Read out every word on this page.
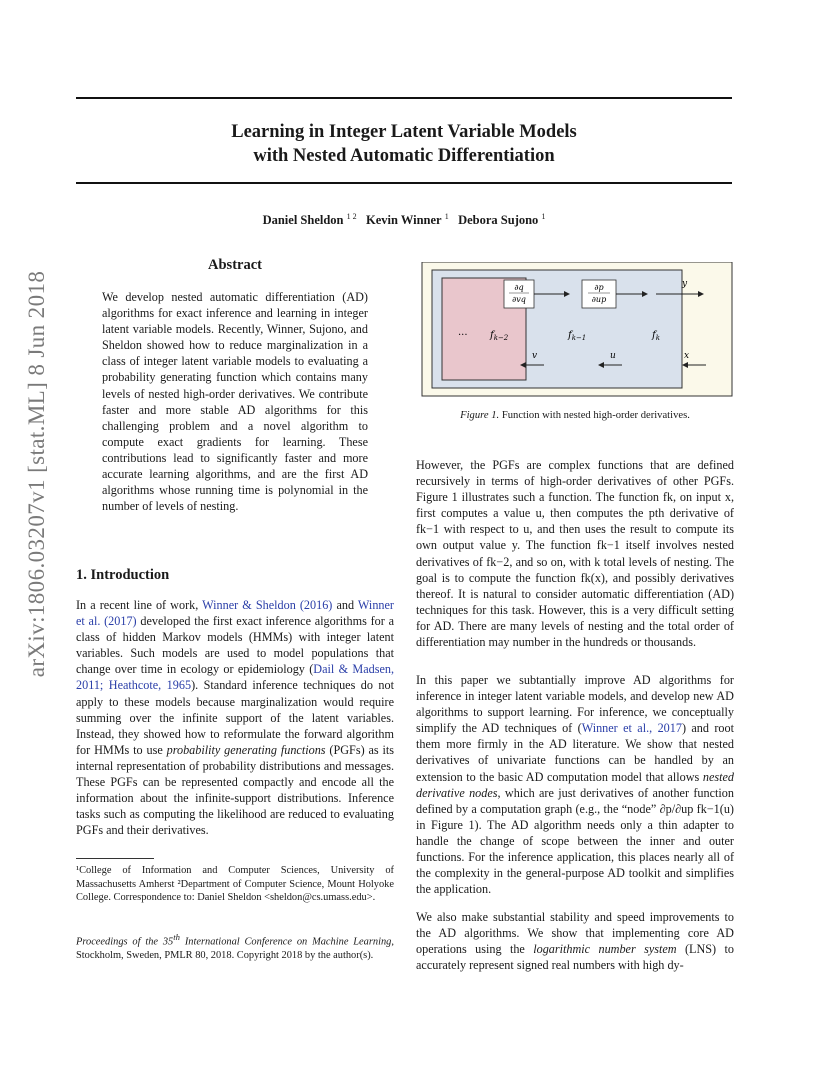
arXiv:1806.03207v1 [stat.ML] 8 Jun 2018
Learning in Integer Latent Variable Models
with Nested Automatic Differentiation
Daniel Sheldon $^{1 2}$ Kevin Winner $^1$ Debora Sujono $^1$
Abstract
We develop nested automatic differentiation (AD) algorithms for exact inference and learning in integer latent variable models. Recently, Winner, Sujono, and Sheldon showed how to reduce marginalization in a class of integer latent variable models to evaluating a probability generating function which contains many levels of nested high-order derivatives. We contribute faster and more stable AD algorithms for this challenging problem and a novel algorithm to compute exact gradients for learning. These contributions lead to significantly faster and more accurate learning algorithms, and are the first AD algorithms whose running time is polynomial in the number of levels of nesting.
1. Introduction

In a recent line of work, Winner & Sheldon (2016) and Winner et al. (2017) developed the first exact inference algorithms for a class of hidden Markov models (HMMs) with integer latent variables. Such models are used to model populations that change over time in ecology or epidemiology (Dail & Madsen, 2011; Heathcote, 1965). Standard inference techniques do not apply to these models because marginalization would require summing over the infinite support of the latent variables. Instead, they showed how to reformulate the forward algorithm for HMMs to use probability generating functions (PGFs) as its internal representation of probability distributions and messages. These PGFs can be represented compactly and encode all the information about the infinite-support distributions. Inference tasks such as computing the likelihood are reduced to evaluating PGFs and their derivatives.

¹College of Information and Computer Sciences, University of Massachusetts Amherst ²Department of Computer Science, Mount Holyoke College. Correspondence to: Daniel Sheldon <sheldon@cs.umass.edu>.
Proceedings of the 35th International Conference on Machine Learning, Stockholm, Sweden, PMLR 80, 2018. Copyright 2018 by the author(s).
∂q
∂vq
∂p
∂up
... $f_{k-2}$	$f_{k-1}$	$f_k$
v	u	x
y
Figure 1. Function with nested high-order derivatives.

However, the PGFs are complex functions that are defined recursively in terms of high-order derivatives of other PGFs. Figure 1 illustrates such a function. The function fk, on input x, first computes a value u, then computes the pth derivative of fk−1 with respect to u, and then uses the result to compute its own output value y. The function fk−1 itself involves nested derivatives of fk−2, and so on, with k total levels of nesting. The goal is to compute the function fk(x), and possibly derivatives thereof. It is natural to consider automatic differentiation (AD) techniques for this task. However, this is a very difficult setting for AD. There are many levels of nesting and the total order of differentiation may number in the hundreds or thousands.

In this paper we subtantially improve AD algorithms for inference in integer latent variable models, and develop new AD algorithms to support learning. For inference, we conceptually simplify the AD techniques of (Winner et al., 2017) and root them more firmly in the AD literature. We show that nested derivatives of univariate functions can be handled by an extension to the basic AD computation model that allows nested derivative nodes, which are just derivatives of another function defined by a computation graph (e.g., the “node” ∂p/∂up fk−1(u) in Figure 1). The AD algorithm needs only a thin adapter to handle the change of scope between the inner and outer functions. For the inference application, this places nearly all of the complexity in the general-purpose AD toolkit and simplifies the application.

We also make substantial stability and speed improvements to the AD algorithms. We show that implementing core AD operations using the logarithmic number system (LNS) to accurately represent signed real numbers with high dy-
